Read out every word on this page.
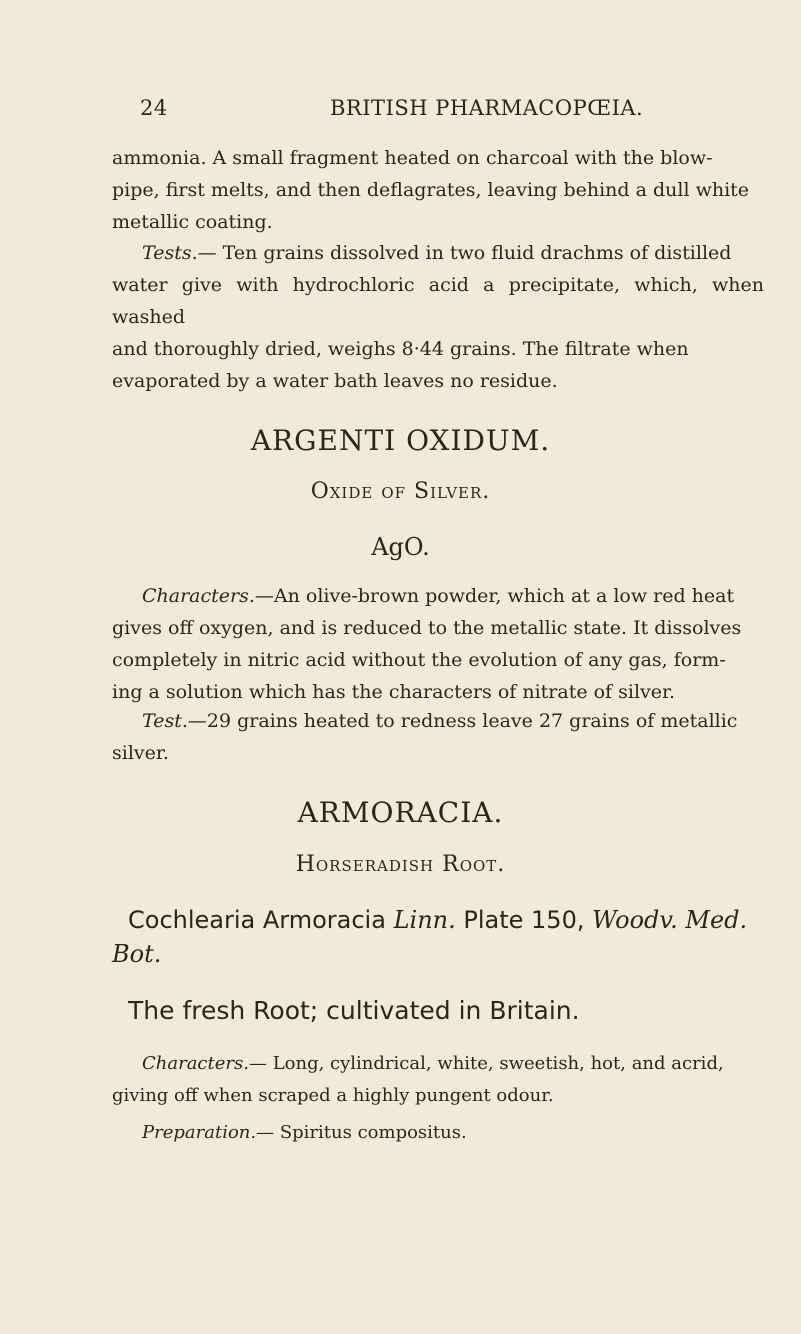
24	BRITISH PHARMACOPŒIA.

ammonia. A small fragment heated on charcoal with the blow-
pipe, first melts, and then deflagrates, leaving behind a dull white
metallic coating.

Tests.— Ten grains dissolved in two fluid drachms of distilled
water give with hydrochloric acid a precipitate, which, when washed
and thoroughly dried, weighs 8·44 grains. The filtrate when
evaporated by a water bath leaves no residue.

ARGENTI OXIDUM.
Oxide of Silver.
AgO.

Characters.—An olive-brown powder, which at a low red heat
gives off oxygen, and is reduced to the metallic state. It dissolves
completely in nitric acid without the evolution of any gas, form-
ing a solution which has the characters of nitrate of silver.

Test.—29 grains heated to redness leave 27 grains of metallic
silver.

ARMORACIA.
Horseradish Root.
Cochlearia Armoracia Linn. Plate 150, Woodv. Med.
Bot.
The fresh Root; cultivated in Britain.

Characters.— Long, cylindrical, white, sweetish, hot, and acrid,
giving off when scraped a highly pungent odour.

Preparation.— Spiritus compositus.
